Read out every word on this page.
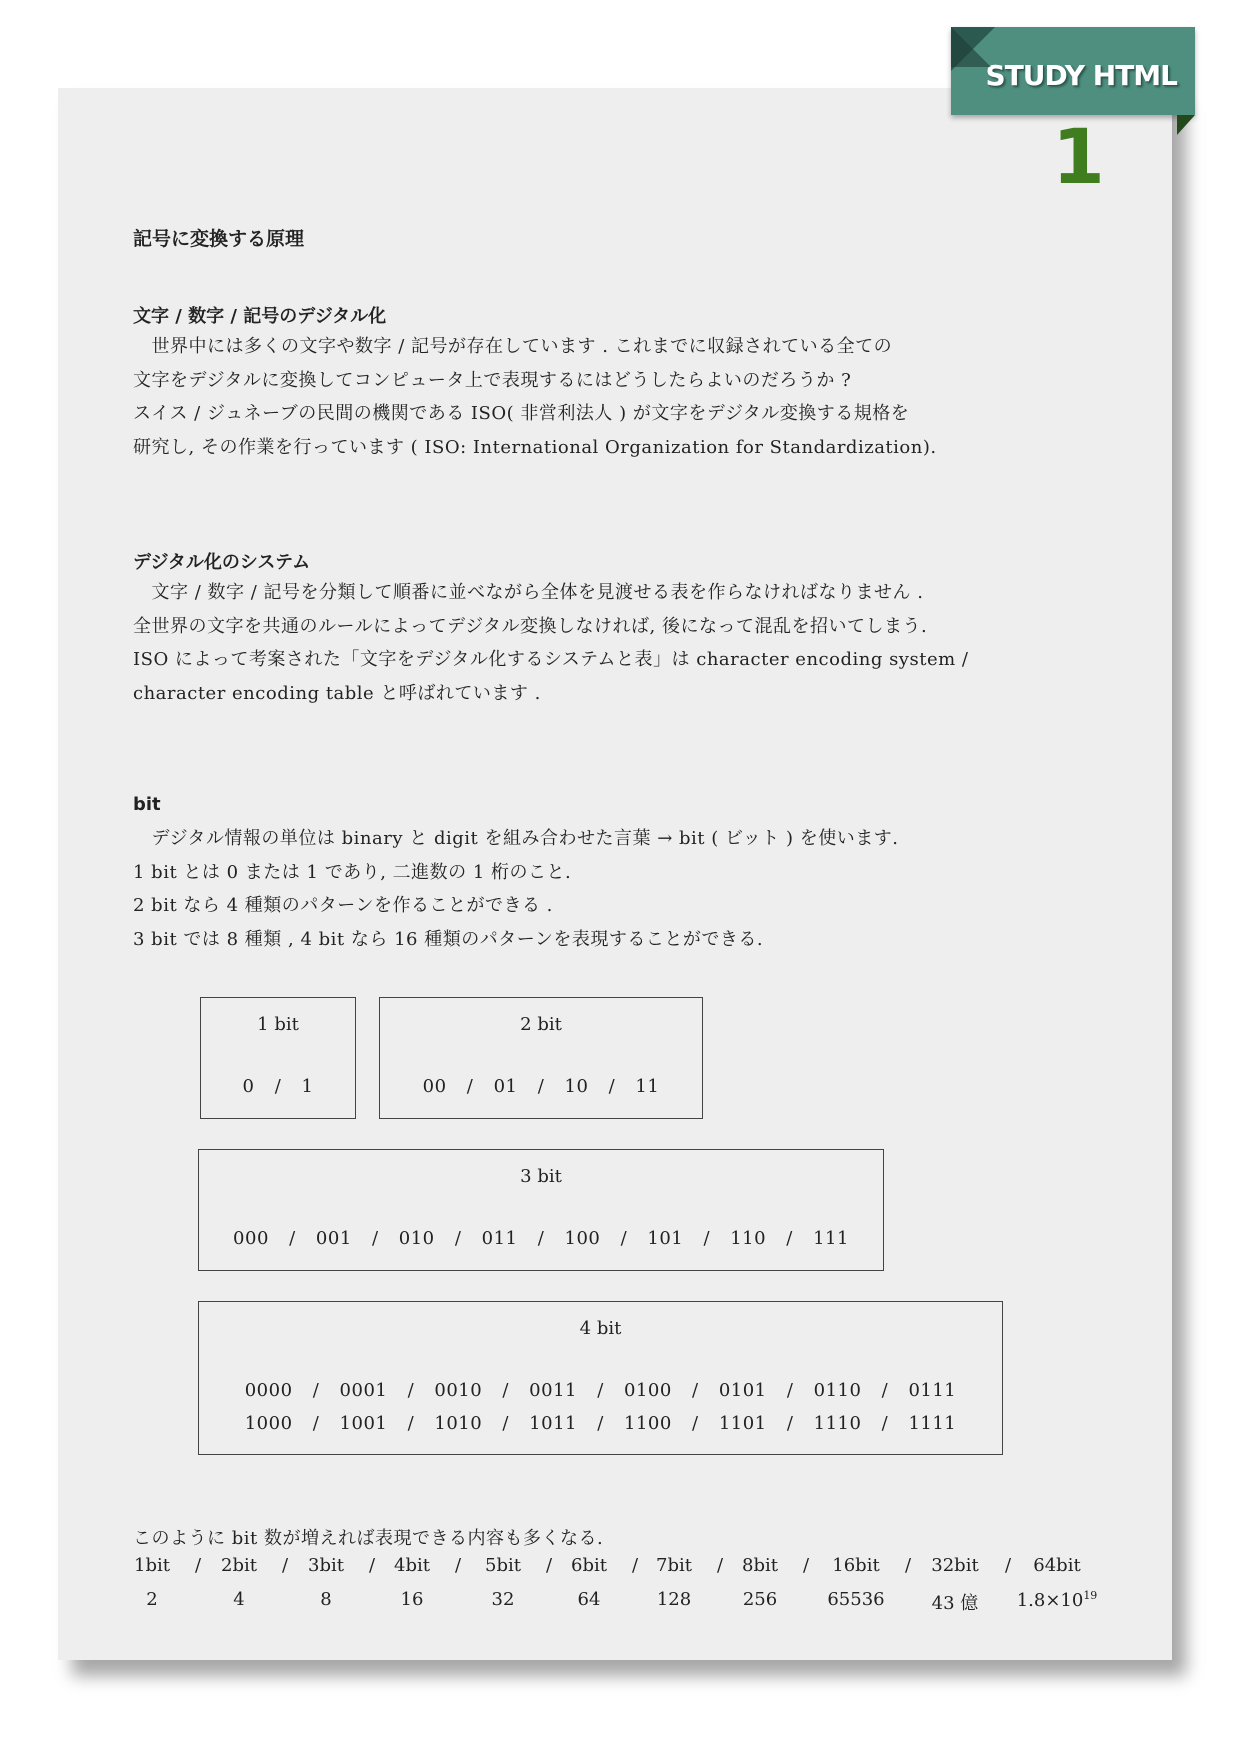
STUDY HTML
1
記号に変換する原理
文字 / 数字 / 記号のデジタル化
　世界中には多くの文字や数字 / 記号が存在しています . これまでに収録されている全ての
文字をデジタルに変換してコンピュータ上で表現するにはどうしたらよいのだろうか ?
スイス / ジュネーブの民間の機関である ISO( 非営利法人 ) が文字をデジタル変換する規格を
研究し, その作業を行っています ( ISO: International Organization for Standardization).
デジタル化のシステム
　文字 / 数字 / 記号を分類して順番に並べながら全体を見渡せる表を作らなければなりません .
全世界の文字を共通のルールによってデジタル変換しなければ, 後になって混乱を招いてしまう.
ISO によって考案された「文字をデジタル化するシステムと表」は character encoding system /
character encoding table と呼ばれています .
bit
　デジタル情報の単位は binary と digit を組み合わせた言葉 → bit ( ビット ) を使います.
1 bit とは 0 または 1 であり, 二進数の 1 桁のこと.
2 bit なら 4 種類のパターンを作ることができる .
3 bit では 8 種類 , 4 bit なら 16 種類のパターンを表現することができる.
1 bit
0 / 1
2 bit
00 / 01 / 10 / 11
3 bit
000 / 001 / 010 / 011 / 100 / 101 / 110 / 111
4 bit
0000 / 0001 / 0010 / 0011 / 0100 / 0101 / 0110 / 0111
1000 / 1001 / 1010 / 1011 / 1100 / 1101 / 1110 / 1111
このように bit 数が増えれば表現できる内容も多くなる.
1bit	2bit	3bit	4bit	5bit	6bit	7bit	8bit	16bit	32bit	64bit
/	/	/	/	/	/	/	/	/	/
2	4	8	16	32	64	128	256	65536	43 億	$1.8\times 10^{19}$
